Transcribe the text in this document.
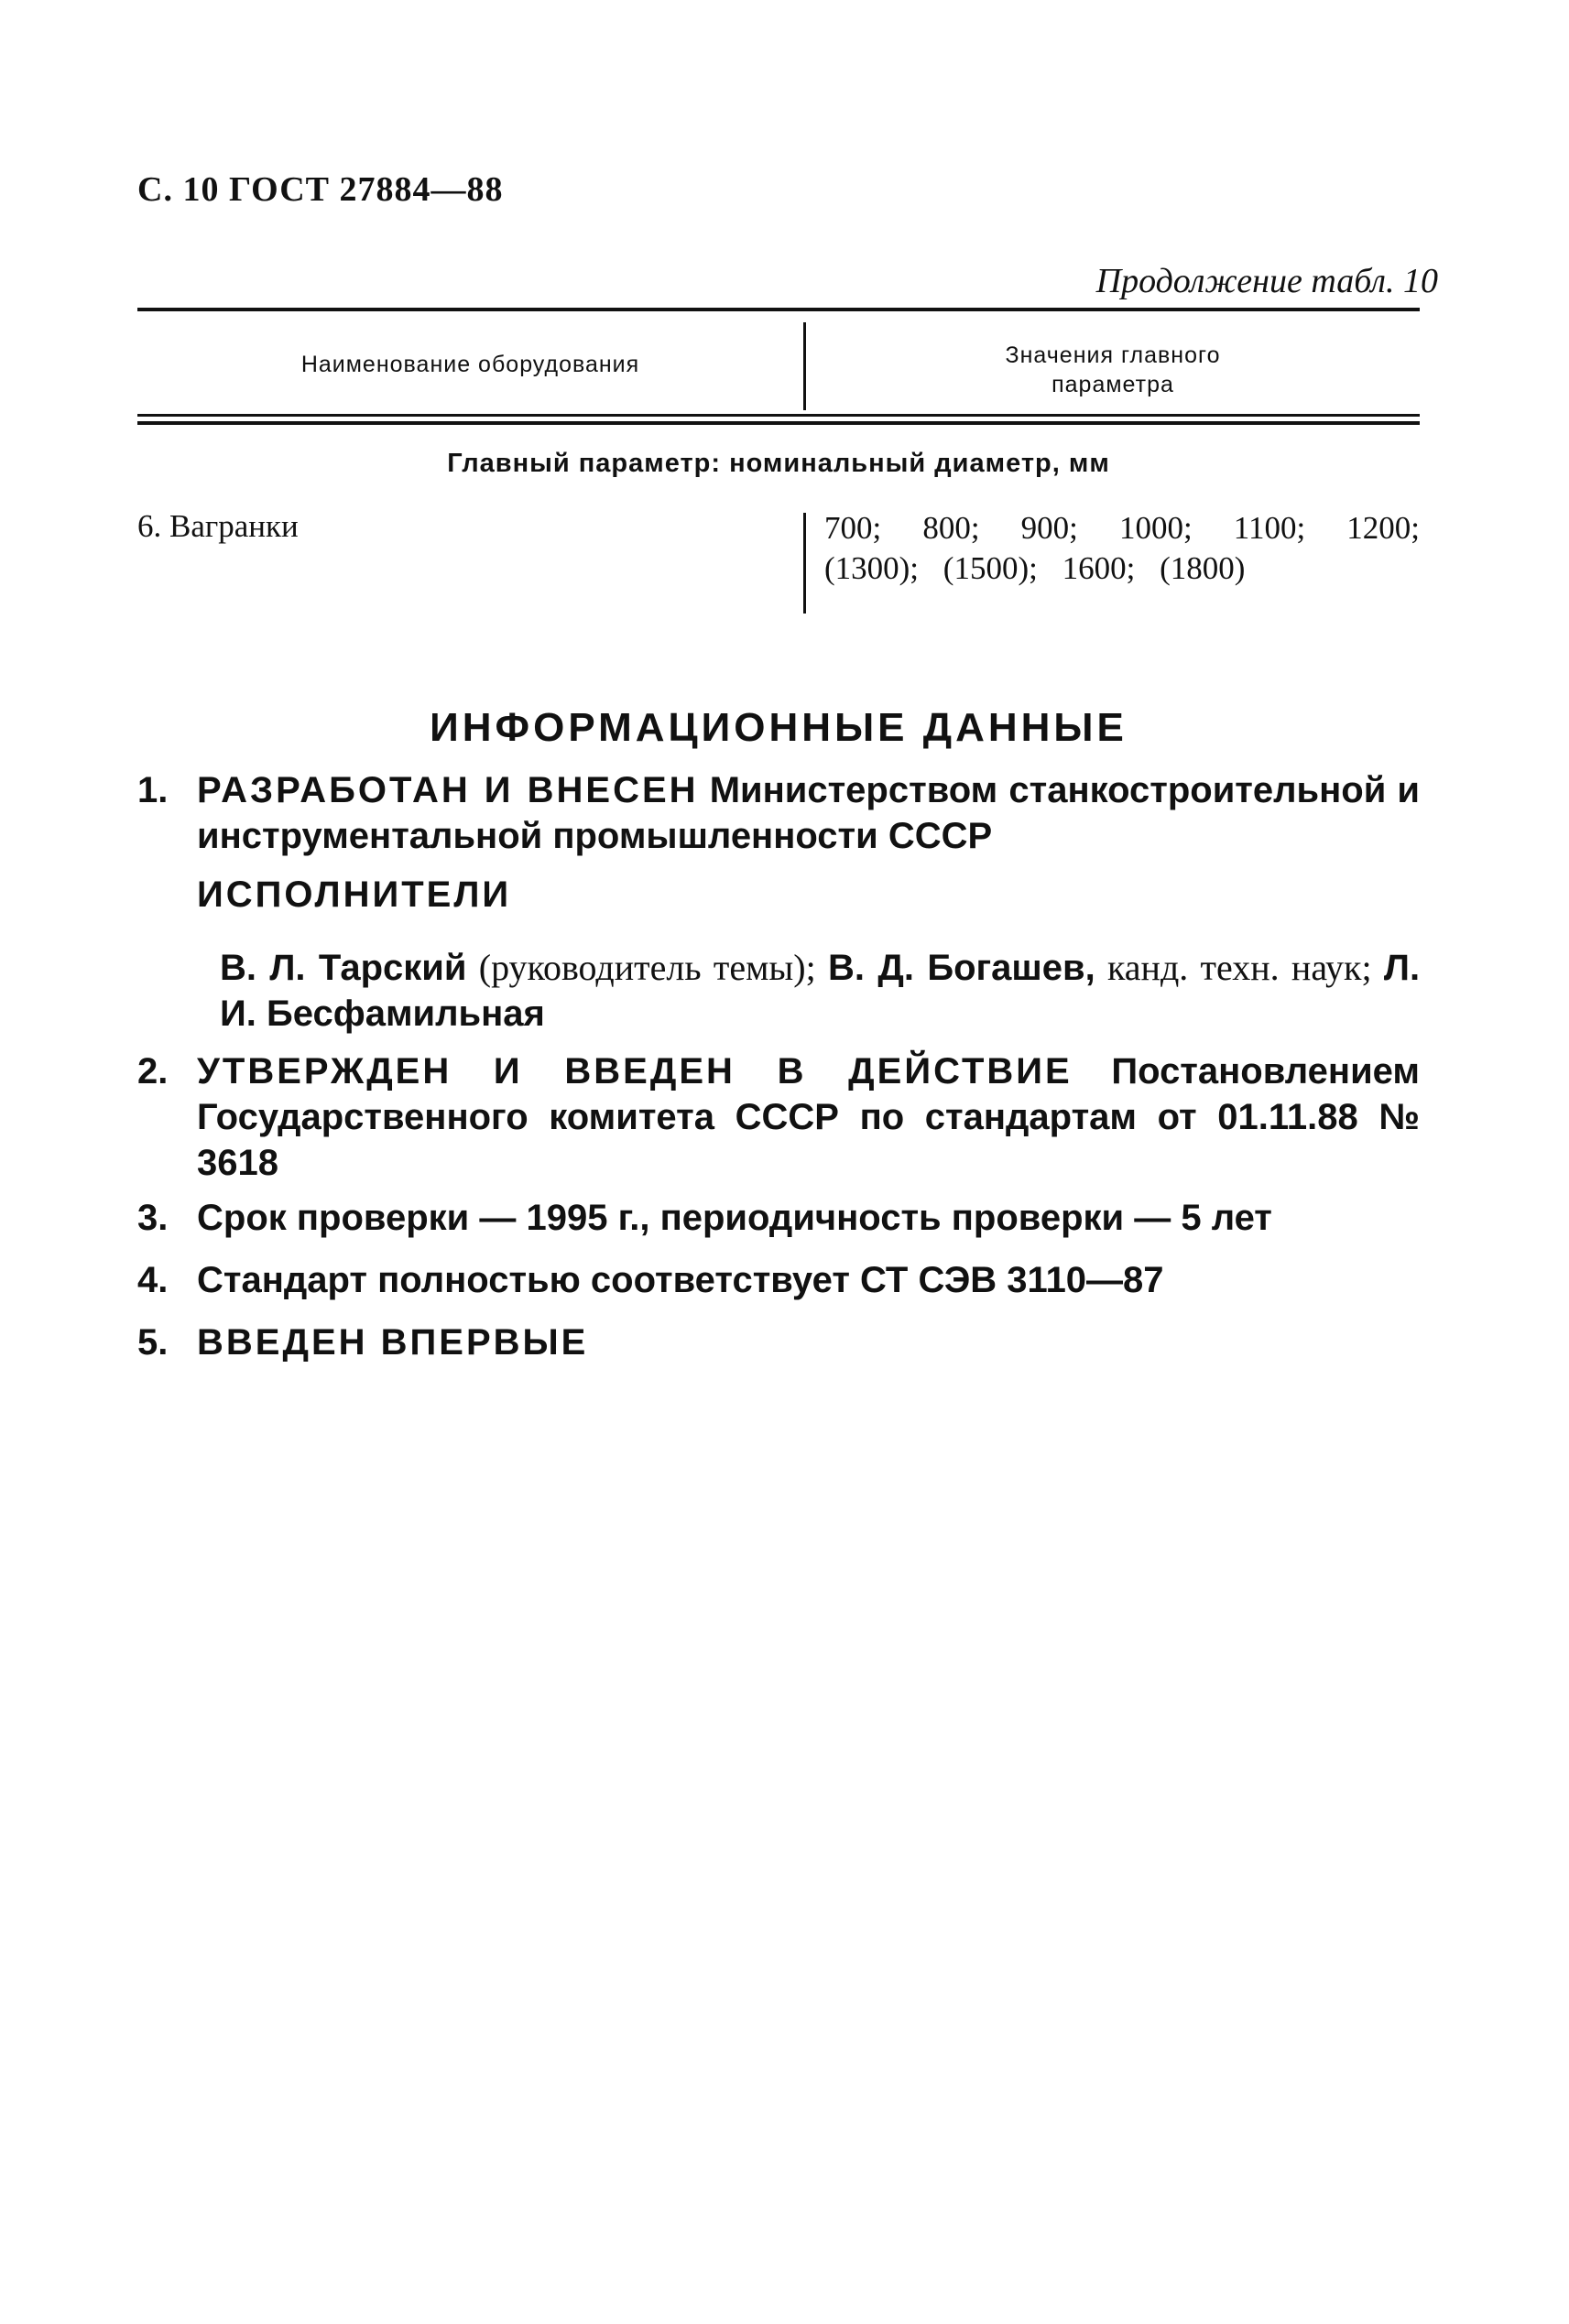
С. 10 ГОСТ 27884—88
Продолжение табл. 10
Наименование оборудования	Значения главного
параметра
Главный параметр: номинальный диаметр, мм
6. Вагранки	700; 800; 900; 1000; 1100; 1200;
(1300); (1500); 1600; (1800)
ИНФОРМАЦИОННЫЕ ДАННЫЕ
1. РАЗРАБОТАН И ВНЕСЕН Министерством станкостроительной и инструментальной промышленности СССР
ИСПОЛНИТЕЛИ
В. Л. Тарский (руководитель темы); В. Д. Богашев, канд. техн. наук; Л. И. Бесфамильная
2. УТВЕРЖДЕН И ВВЕДЕН В ДЕЙСТВИЕ Постановлением Государственного комитета СССР по стандартам от 01.11.88 № 3618
3. Срок проверки — 1995 г., периодичность проверки — 5 лет
4. Стандарт полностью соответствует СТ СЭВ 3110—87
5. ВВЕДЕН ВПЕРВЫЕ
